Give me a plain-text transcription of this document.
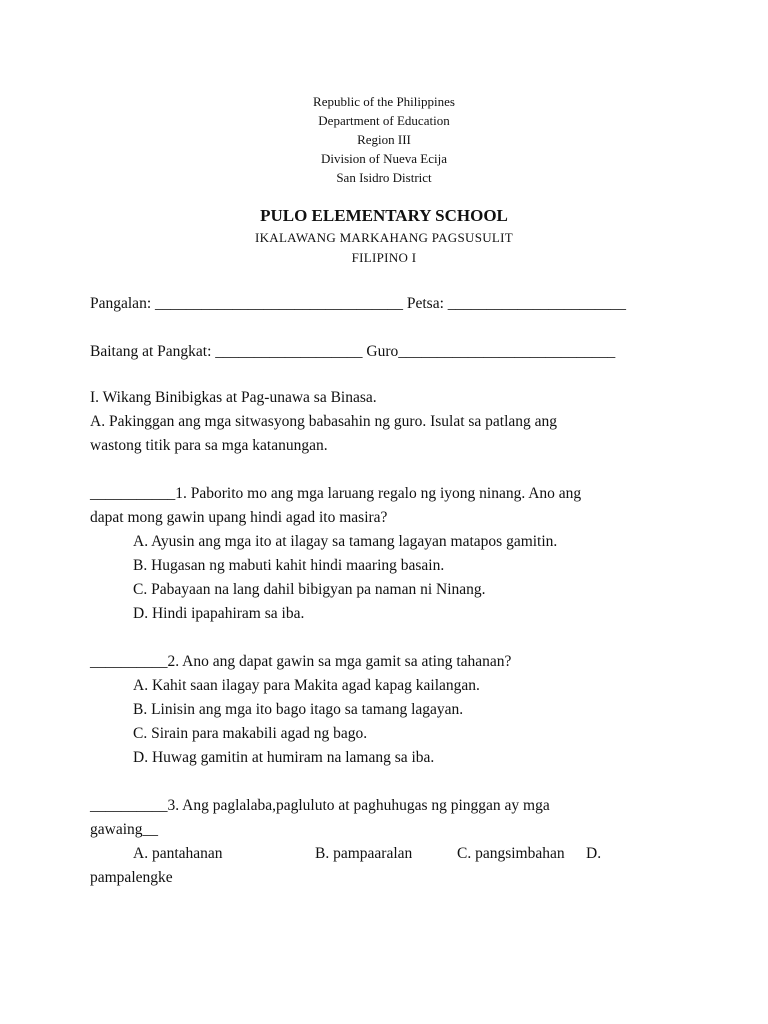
Republic of the Philippines
Department of Education
Region III
Division of Nueva Ecija
San Isidro District
PULO ELEMENTARY SCHOOL
IKALAWANG MARKAHANG PAGSUSULIT
FILIPINO I
Pangalan: ________________________________ Petsa: _______________________
Baitang at Pangkat: ___________________ Guro____________________________
I. Wikang Binibigkas at Pag-unawa sa Binasa.
A. Pakinggan ang mga sitwasyong babasahin ng guro. Isulat sa patlang ang
wastong titik para sa mga katanungan.
___________1. Paborito mo ang mga laruang regalo ng iyong ninang. Ano ang
dapat mong gawin upang hindi agad ito masira?
A. Ayusin ang mga ito at ilagay sa tamang lagayan matapos gamitin.
B. Hugasan ng mabuti kahit hindi maaring basain.
C. Pabayaan na lang dahil bibigyan pa naman ni Ninang.
D. Hindi ipapahiram sa iba.
__________2. Ano ang dapat gawin sa mga gamit sa ating tahanan?
A. Kahit saan ilagay para Makita agad kapag kailangan.
B. Linisin ang mga ito bago itago sa tamang lagayan.
C. Sirain para makabili agad ng bago.
D. Huwag gamitin at humiram na lamang sa iba.
__________3. Ang paglalaba,pagluluto at paghuhugas ng pinggan ay mga
gawaing__
A. pantahanan	B. pampaaralan	C. pangsimbahan D.
pampalengke
